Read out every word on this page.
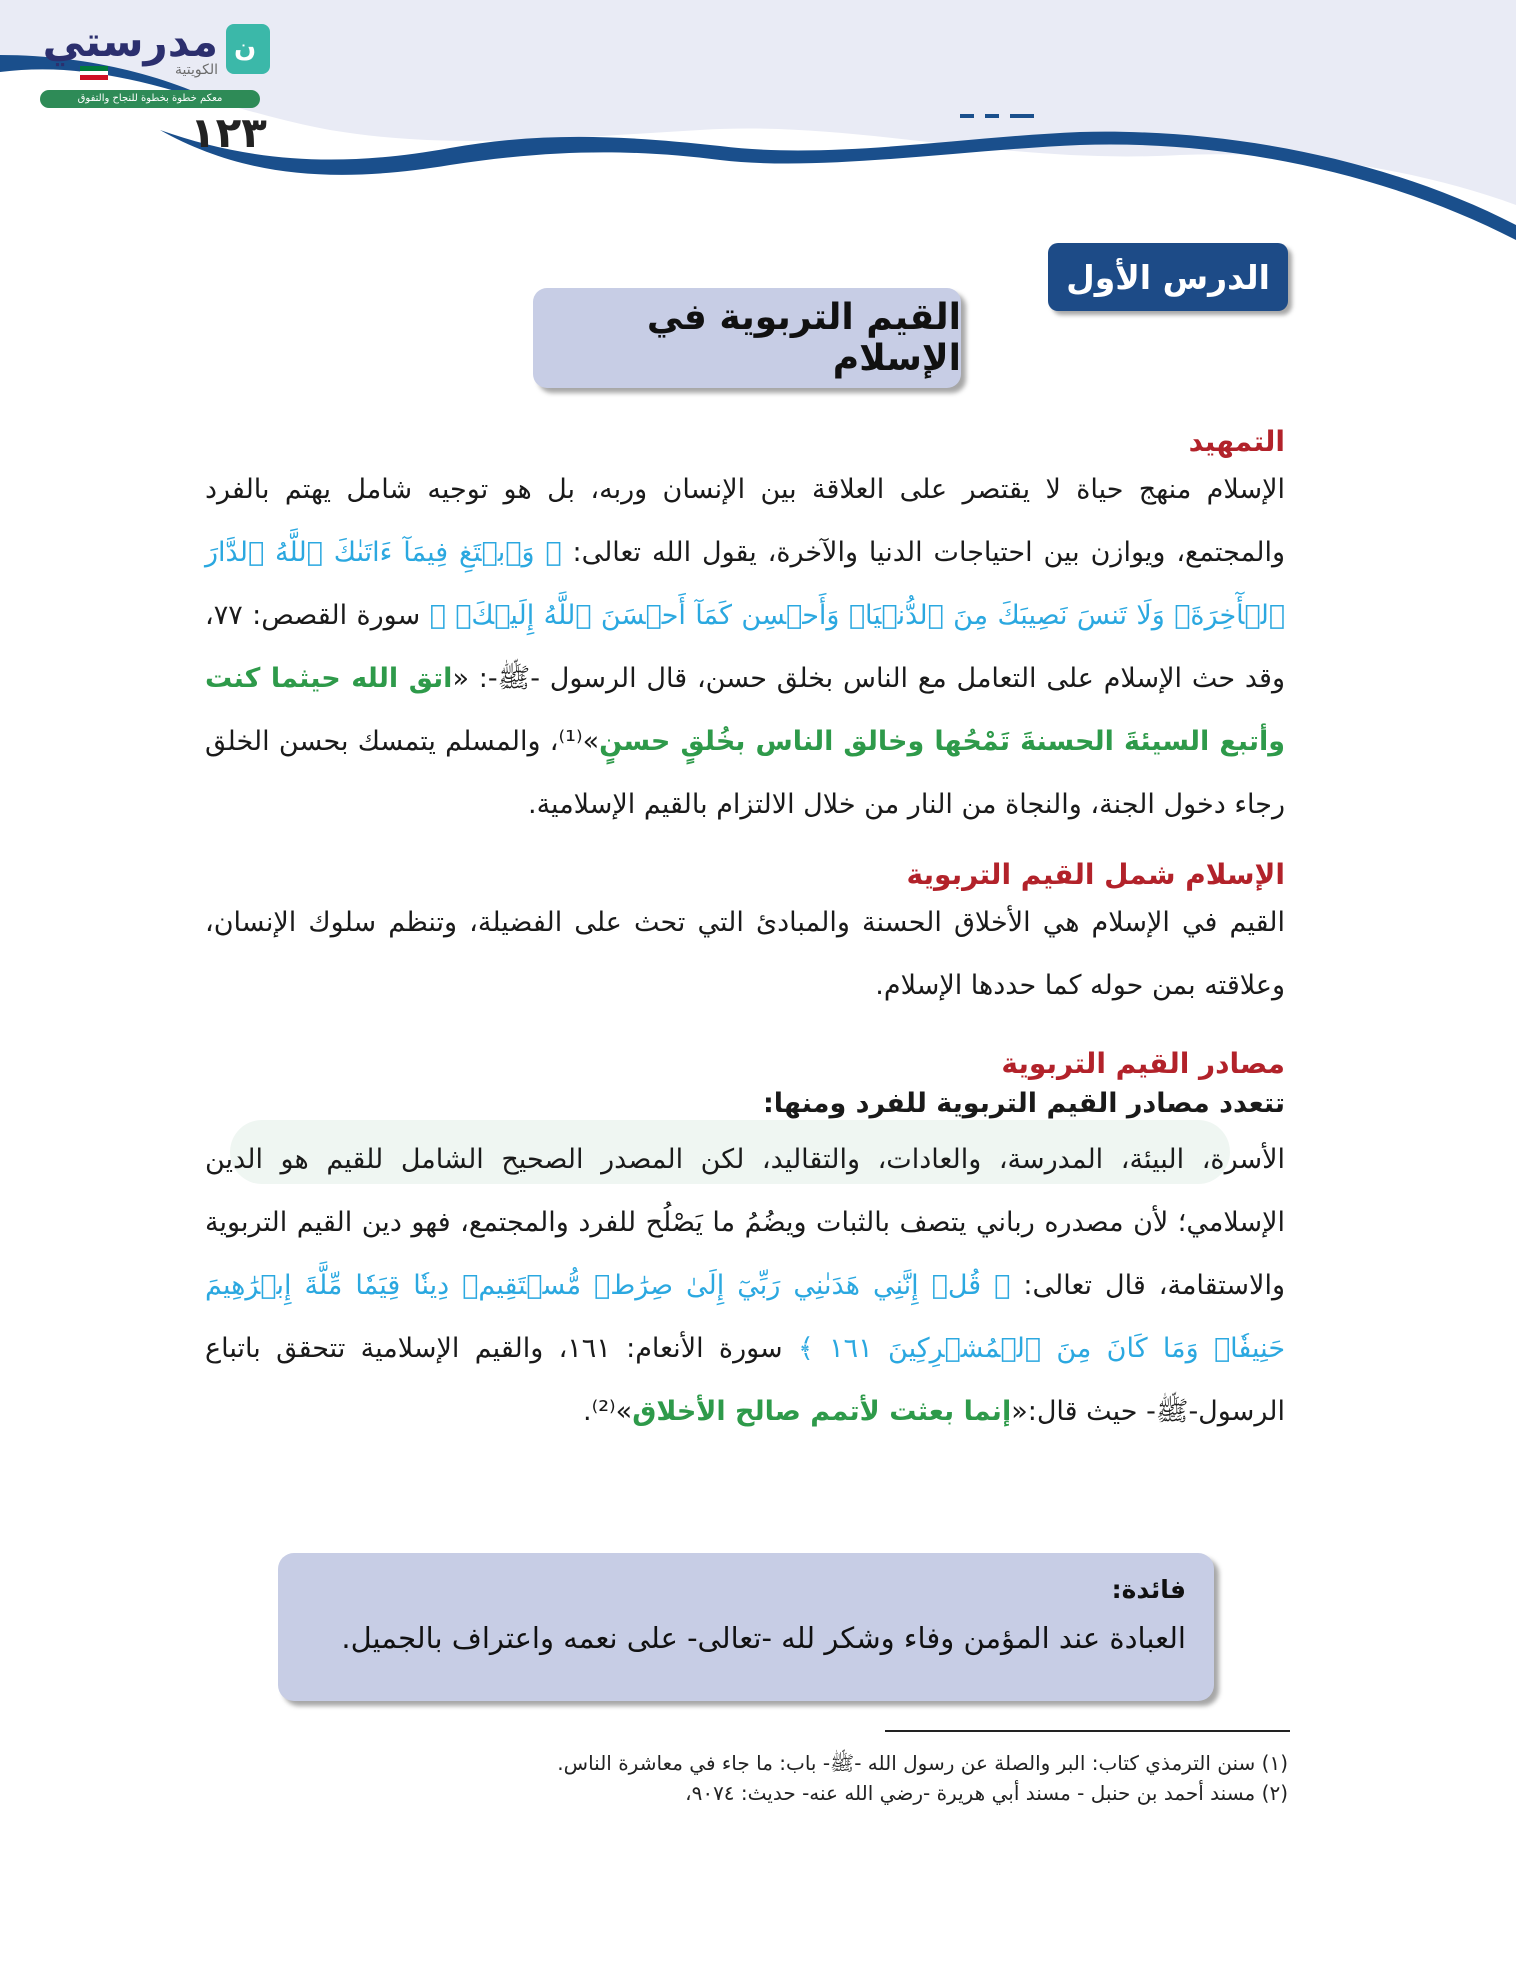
ن
مدرستي
الكويتية
معكم خطوة بخطوة للنجاح والتفوق
١٢٣
الدرس الأول
القيم التربوية في الإسلام
التمهيد

الإسلام منهج حياة لا يقتصر على العلاقة بين الإنسان وربه، بل هو توجيه شامل يهتم بالفرد والمجتمع، ويوازن بين احتياجات الدنيا والآخرة، يقول الله تعالى: ﴿ وَٱبۡتَغِ فِيمَآ ءَاتَىٰكَ ٱللَّهُ ٱلدَّارَ ٱلۡأٓخِرَةَۖ وَلَا تَنسَ نَصِيبَكَ مِنَ ٱلدُّنۡيَاۖ وَأَحۡسِن كَمَآ أَحۡسَنَ ٱللَّهُ إِلَيۡكَۖ ﴾ سورة القصص: ٧٧، وقد حث الإسلام على التعامل مع الناس بخلق حسن، قال الرسول -ﷺ-: «اتق الله حيثما كنت وأتبع السيئةَ الحسنةَ تَمْحُها وخالق الناس بخُلقٍ حسنٍ»⁽¹⁾، والمسلم يتمسك بحسن الخلق رجاء دخول الجنة، والنجاة من النار من خلال الالتزام بالقيم الإسلامية.

الإسلام شمل القيم التربوية

القيم في الإسلام هي الأخلاق الحسنة والمبادئ التي تحث على الفضيلة، وتنظم سلوك الإنسان، وعلاقته بمن حوله كما حددها الإسلام.

مصادر القيم التربوية

تتعدد مصادر القيم التربوية للفرد ومنها:

الأسرة، البيئة، المدرسة، والعادات، والتقاليد، لكن المصدر الصحيح الشامل للقيم هو الدين الإسلامي؛ لأن مصدره رباني يتصف بالثبات ويضُمُ ما يَصْلُح للفرد والمجتمع، فهو دين القيم التربوية والاستقامة، قال تعالى: ﴿ قُلۡ إِنَّنِي هَدَىٰنِي رَبِّيٓ إِلَىٰ صِرَٰطٖ مُّسۡتَقِيمٖ دِينٗا قِيَمٗا مِّلَّةَ إِبۡرَٰهِيمَ حَنِيفٗاۚ وَمَا كَانَ مِنَ ٱلۡمُشۡرِكِينَ ١٦١ ﴾ سورة الأنعام: ١٦١، والقيم الإسلامية تتحقق باتباع الرسول-ﷺ- حيث قال:«إنما بعثت لأتمم صالح الأخلاق»⁽²⁾.

فائدة:
العبادة عند المؤمن وفاء وشكر لله -تعالى- على نعمه واعتراف بالجميل.
(١) سنن الترمذي كتاب: البر والصلة عن رسول الله -ﷺ- باب: ما جاء في معاشرة الناس.
(٢) مسند أحمد بن حنبل - مسند أبي هريرة -رضي الله عنه- حديث: ٩٠٧٤،
